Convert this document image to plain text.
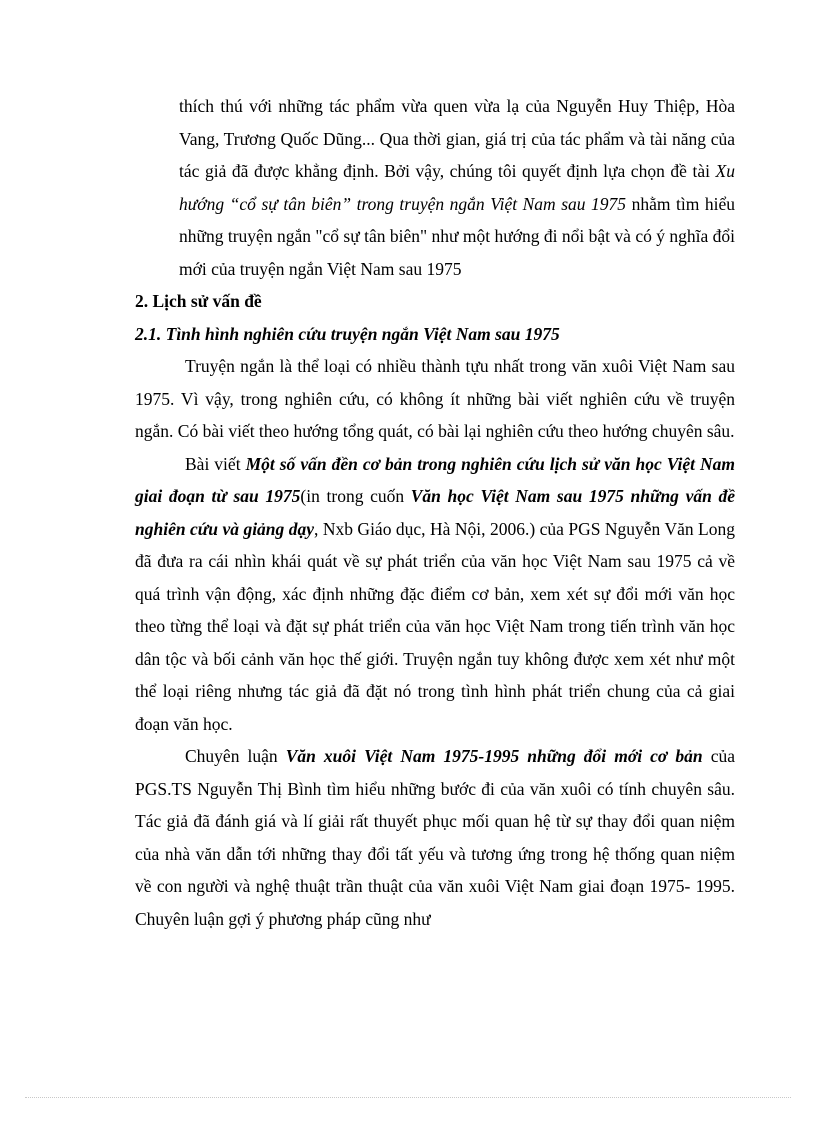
thích thú với những tác phẩm vừa quen vừa lạ của Nguyễn Huy Thiệp, Hòa Vang, Trương Quốc Dũng... Qua thời gian, giá trị của tác phẩm và tài năng của tác giả đã được khẳng định. Bởi vậy, chúng tôi quyết định lựa chọn đề tài Xu hướng “cổ sự tân biên” trong truyện ngắn Việt Nam sau 1975 nhằm tìm hiểu những truyện ngắn "cổ sự tân biên" như một hướng đi nổi bật và có ý nghĩa đổi mới của truyện ngắn Việt Nam sau 1975

2. Lịch sử vấn đề
2.1. Tình hình nghiên cứu truyện ngắn Việt Nam sau 1975

Truyện ngắn là thể loại có nhiều thành tựu nhất trong văn xuôi Việt Nam sau 1975. Vì vậy, trong nghiên cứu, có không ít những bài viết nghiên cứu về truyện ngắn. Có bài viết theo hướng tổng quát, có bài lại nghiên cứu theo hướng chuyên sâu.

Bài viết Một số vấn đền cơ bản trong nghiên cứu lịch sử văn học Việt Nam giai đoạn từ sau 1975(in trong cuốn Văn học Việt Nam sau 1975 những vấn đề nghiên cứu và giảng dạy, Nxb Giáo dục, Hà Nội, 2006.) của PGS Nguyễn Văn Long đã đưa ra cái nhìn khái quát về sự phát triển của văn học Việt Nam sau 1975 cả về quá trình vận động, xác định những đặc điểm cơ bản, xem xét sự đổi mới văn học theo từng thể loại và đặt sự phát triển của văn học Việt Nam trong tiến trình văn học dân tộc và bối cảnh văn học thế giới. Truyện ngắn tuy không được xem xét như một thể loại riêng nhưng tác giả đã đặt nó trong tình hình phát triển chung của cả giai đoạn văn học.

Chuyên luận Văn xuôi Việt Nam 1975-1995 những đổi mới cơ bản của PGS.TS Nguyễn Thị Bình tìm hiểu những bước đi của văn xuôi có tính chuyên sâu. Tác giả đã đánh giá và lí giải rất thuyết phục mối quan hệ từ sự thay đổi quan niệm của nhà văn dẫn tới những thay đổi tất yếu và tương ứng trong hệ thống quan niệm về con người và nghệ thuật trần thuật của văn xuôi Việt Nam giai đoạn 1975- 1995. Chuyên luận gợi ý phương pháp cũng như
